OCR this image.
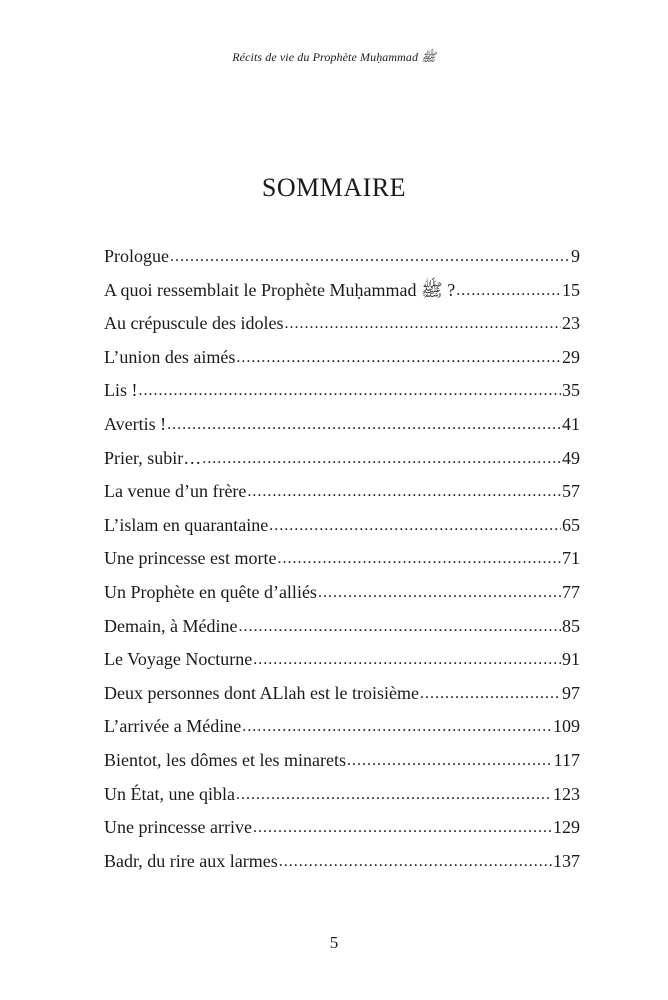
Récits de vie du Prophète Muḥammad ﷺ
SOMMAIRE
Prologue .....	9
A quoi ressemblait le Prophète Muḥammad ﷺ ? .....	15
Au crépuscule des idoles .....	23
L’union des aimés .....	29
Lis ! .....	35
Avertis ! .....	41
Prier, subir… .....	49
La venue d’un frère .....	57
L’islam en quarantaine .....	65
Une princesse est morte .....	71
Un Prophète en quête d’alliés .....	77
Demain, à Médine .....	85
Le Voyage Nocturne .....	91
Deux personnes dont ALlah est le troisième .....	97
L’arrivée a Médine .....	109
Bientot, les dômes et les minarets .....	117
Un État, une qibla .....	123
Une princesse arrive .....	129
Badr, du rire aux larmes .....	137
5
